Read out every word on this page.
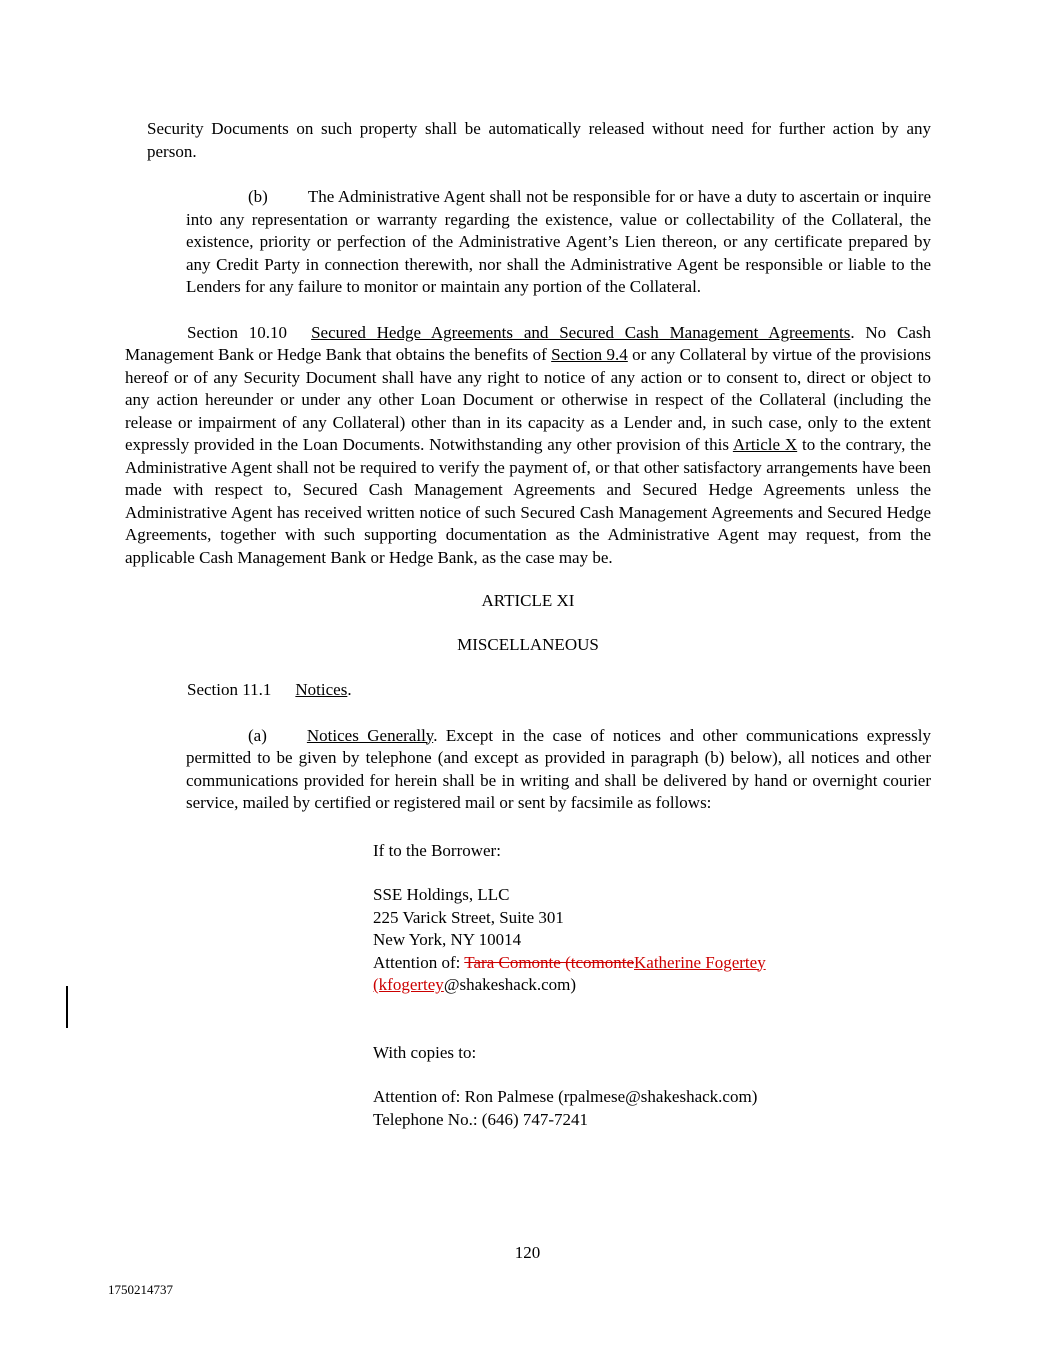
Security Documents on such property shall be automatically released without need for further action by any person.

(b) The Administrative Agent shall not be responsible for or have a duty to ascertain or inquire into any representation or warranty regarding the existence, value or collectability of the Collateral, the existence, priority or perfection of the Administrative Agent’s Lien thereon, or any certificate prepared by any Credit Party in connection therewith, nor shall the Administrative Agent be responsible or liable to the Lenders for any failure to monitor or maintain any portion of the Collateral.

Section 10.10 Secured Hedge Agreements and Secured Cash Management Agreements. No Cash Management Bank or Hedge Bank that obtains the benefits of Section 9.4 or any Collateral by virtue of the provisions hereof or of any Security Document shall have any right to notice of any action or to consent to, direct or object to any action hereunder or under any other Loan Document or otherwise in respect of the Collateral (including the release or impairment of any Collateral) other than in its capacity as a Lender and, in such case, only to the extent expressly provided in the Loan Documents. Notwithstanding any other provision of this Article X to the contrary, the Administrative Agent shall not be required to verify the payment of, or that other satisfactory arrangements have been made with respect to, Secured Cash Management Agreements and Secured Hedge Agreements unless the Administrative Agent has received written notice of such Secured Cash Management Agreements and Secured Hedge Agreements, together with such supporting documentation as the Administrative Agent may request, from the applicable Cash Management Bank or Hedge Bank, as the case may be.

ARTICLE XI

MISCELLANEOUS

Section 11.1 Notices.

(a) Notices Generally. Except in the case of notices and other communications expressly permitted to be given by telephone (and except as provided in paragraph (b) below), all notices and other communications provided for herein shall be in writing and shall be delivered by hand or overnight courier service, mailed by certified or registered mail or sent by facsimile as follows:

If to the Borrower:

SSE Holdings, LLC
225 Varick Street, Suite 301
New York, NY 10014
Attention of: Tara Comonte (tcomonteKatherine Fogertey
(kfogertey@shakeshack.com)

With copies to:

Attention of: Ron Palmese (rpalmese@shakeshack.com)
Telephone No.: (646) 747-7241
120
1750214737
